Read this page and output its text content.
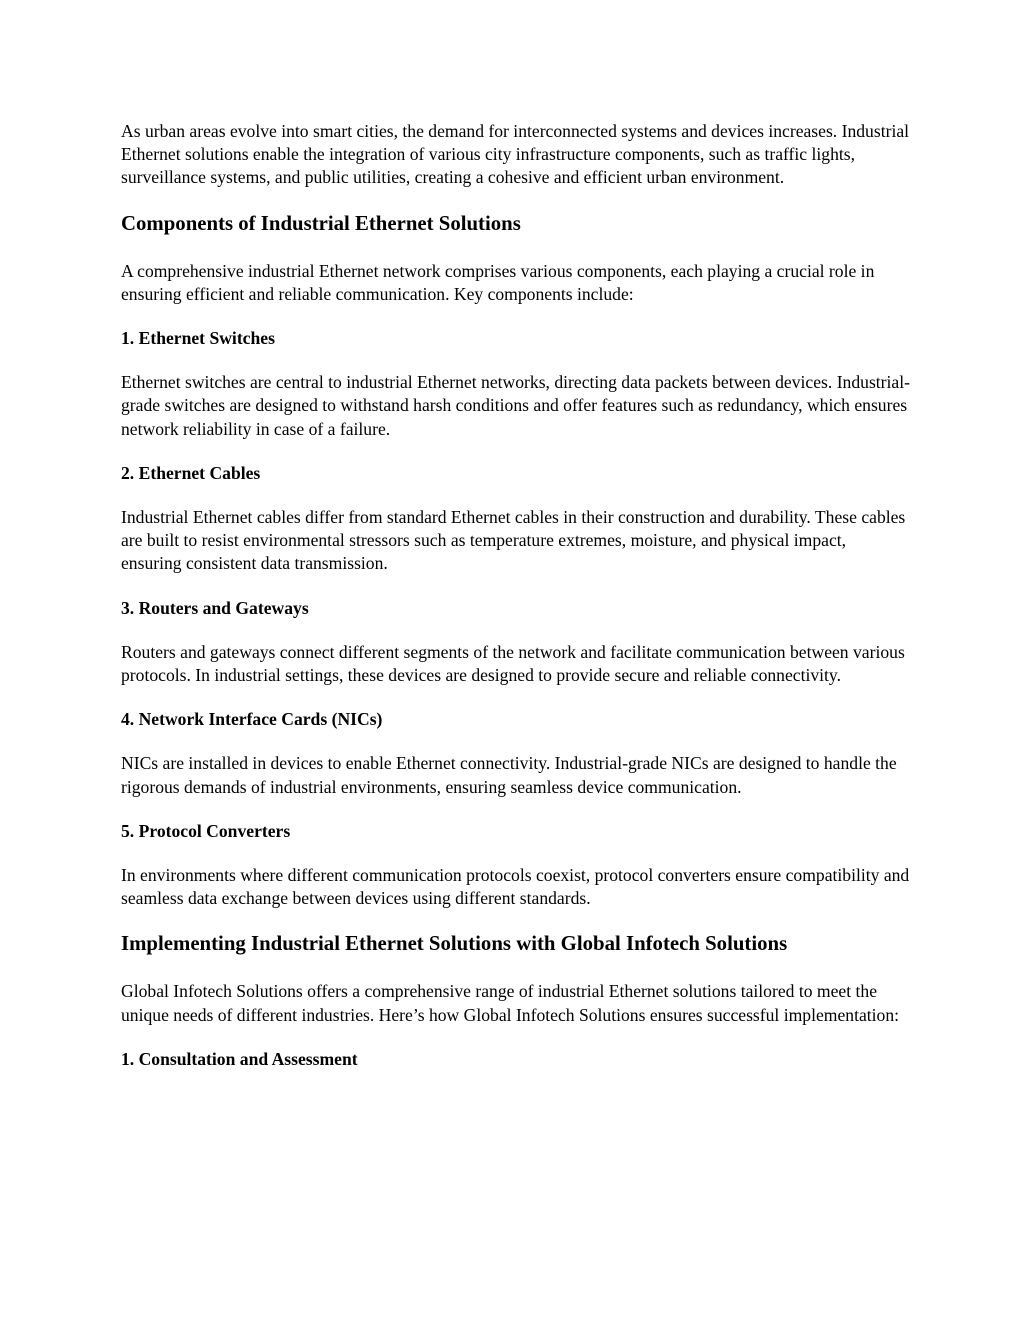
As urban areas evolve into smart cities, the demand for interconnected systems and devices increases. Industrial Ethernet solutions enable the integration of various city infrastructure components, such as traffic lights, surveillance systems, and public utilities, creating a cohesive and efficient urban environment.

Components of Industrial Ethernet Solutions

A comprehensive industrial Ethernet network comprises various components, each playing a crucial role in ensuring efficient and reliable communication. Key components include:

1. Ethernet Switches

Ethernet switches are central to industrial Ethernet networks, directing data packets between devices. Industrial-grade switches are designed to withstand harsh conditions and offer features such as redundancy, which ensures network reliability in case of a failure.

2. Ethernet Cables

Industrial Ethernet cables differ from standard Ethernet cables in their construction and durability. These cables are built to resist environmental stressors such as temperature extremes, moisture, and physical impact, ensuring consistent data transmission.

3. Routers and Gateways

Routers and gateways connect different segments of the network and facilitate communication between various protocols. In industrial settings, these devices are designed to provide secure and reliable connectivity.

4. Network Interface Cards (NICs)

NICs are installed in devices to enable Ethernet connectivity. Industrial-grade NICs are designed to handle the rigorous demands of industrial environments, ensuring seamless device communication.

5. Protocol Converters

In environments where different communication protocols coexist, protocol converters ensure compatibility and seamless data exchange between devices using different standards.

Implementing Industrial Ethernet Solutions with Global Infotech Solutions

Global Infotech Solutions offers a comprehensive range of industrial Ethernet solutions tailored to meet the unique needs of different industries. Here’s how Global Infotech Solutions ensures successful implementation:

1. Consultation and Assessment
